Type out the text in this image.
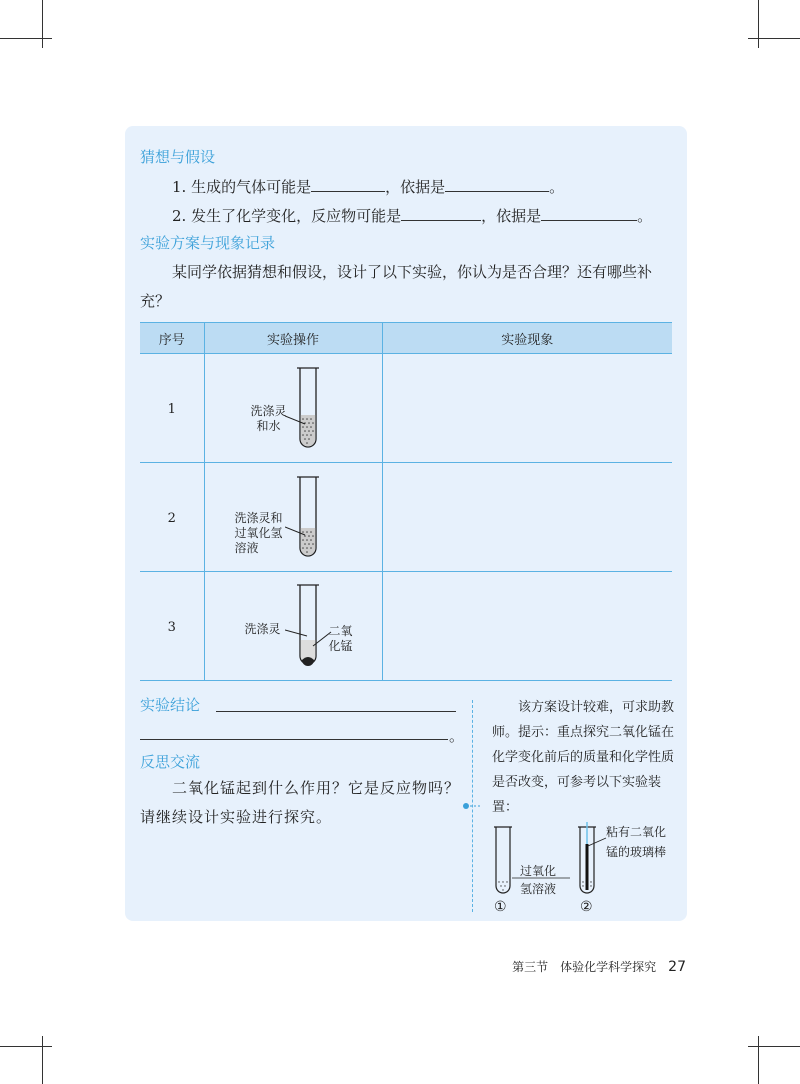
猜想与假设
1. 生成的气体可能是	，依据是	。
2. 发生了化学变化，反应物可能是	，依据是	。
实验方案与现象记录
某同学依据猜想和假设，设计了以下实验，你认为是否合理？还有哪些补充？
序号	实验操作	实验现象
1	洗涤灵
和水	

2	洗涤灵和
过氧化氢
溶液	

3	洗涤灵 二氧
化锰	

实验结论
。
反思交流
二氧化锰起到什么作用？它是反应物吗？请继续设计实验进行探究。
该方案设计较难，可求助教师。提示：重点探究二氧化锰在化学变化前后的质量和化学性质是否改变，可参考以下实验装置：
过氧化
氢溶液
粘有二氧化
锰的玻璃棒
①	②
第三节　体验化学科学探究 27
